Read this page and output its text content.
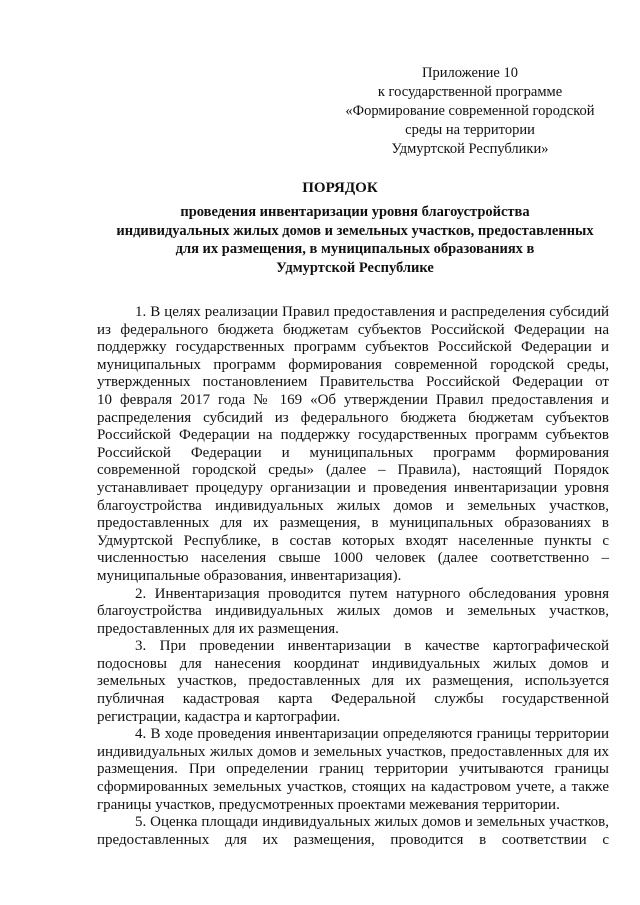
Приложение 10
к государственной программе
«Формирование современной городской
среды на территории
Удмуртской Республики»
ПОРЯДОК
проведения инвентаризации уровня благоустройства
индивидуальных жилых домов и земельных участков, предоставленных
для их размещения, в муниципальных образованиях в
Удмуртской Республике
1. В целях реализации Правил предоставления и распределения субсидий
из федерального бюджета бюджетам субъектов Российской Федерации на
поддержку государственных программ субъектов Российской Федерации и
муниципальных программ формирования современной городской среды,
утвержденных постановлением Правительства Российской Федерации от
10 февраля 2017 года № 169 «Об утверждении Правил предоставления и
распределения субсидий из федерального бюджета бюджетам субъектов
Российской Федерации на поддержку государственных программ субъектов
Российской Федерации и муниципальных программ формирования
современной городской среды» (далее – Правила), настоящий Порядок
устанавливает процедуру организации и проведения инвентаризации уровня
благоустройства индивидуальных жилых домов и земельных участков,
предоставленных для их размещения, в муниципальных образованиях в
Удмуртской Республике, в состав которых входят населенные пункты с
численностью населения свыше 1000 человек (далее соответственно –
муниципальные образования, инвентаризация).
2. Инвентаризация проводится путем натурного обследования уровня
благоустройства индивидуальных жилых домов и земельных участков,
предоставленных для их размещения.
3. При проведении инвентаризации в качестве картографической
подосновы для нанесения координат индивидуальных жилых домов и
земельных участков, предоставленных для их размещения, используется
публичная кадастровая карта Федеральной службы государственной
регистрации, кадастра и картографии.
4. В ходе проведения инвентаризации определяются границы территории
индивидуальных жилых домов и земельных участков, предоставленных для их
размещения. При определении границ территории учитываются границы
сформированных земельных участков, стоящих на кадастровом учете, а также
границы участков, предусмотренных проектами межевания территории.
5. Оценка площади индивидуальных жилых домов и земельных участков,
предоставленных для их размещения, проводится в соответствии с
